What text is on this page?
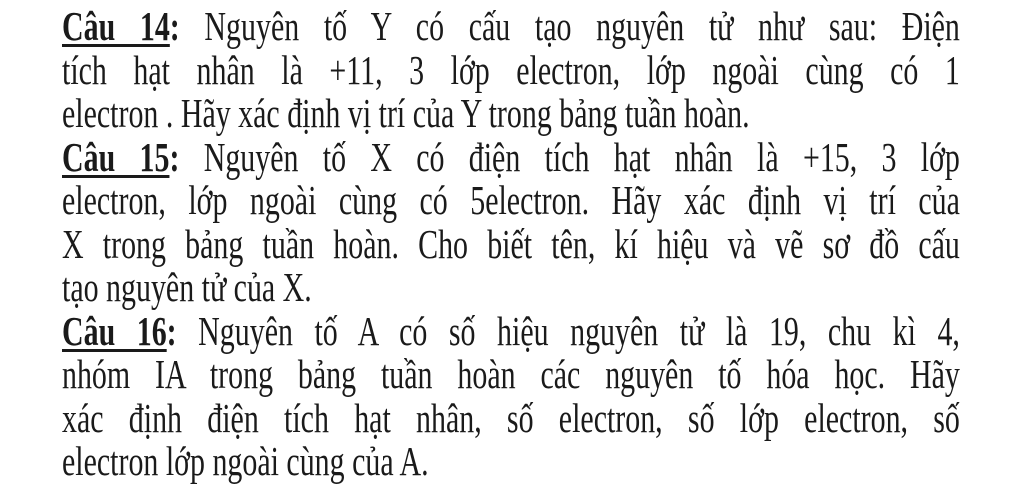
Câu 14: Nguyên tố Y có cấu tạo nguyên tử như sau: Điện
tích hạt nhân là +11, 3 lớp electron, lớp ngoài cùng có 1
electron . Hãy xác định vị trí của Y trong bảng tuần hoàn.
Câu 15: Nguyên tố X có điện tích hạt nhân là +15, 3 lớp
electron, lớp ngoài cùng có 5electron. Hãy xác định vị trí của
X trong bảng tuần hoàn. Cho biết tên, kí hiệu và vẽ sơ đồ cấu
tạo nguyên tử của X.
Câu 16: Nguyên tố A có số hiệu nguyên tử là 19, chu kì 4,
nhóm IA trong bảng tuần hoàn các nguyên tố hóa học. Hãy
xác định điện tích hạt nhân, số electron, số lớp electron, số
electron lớp ngoài cùng của A.
